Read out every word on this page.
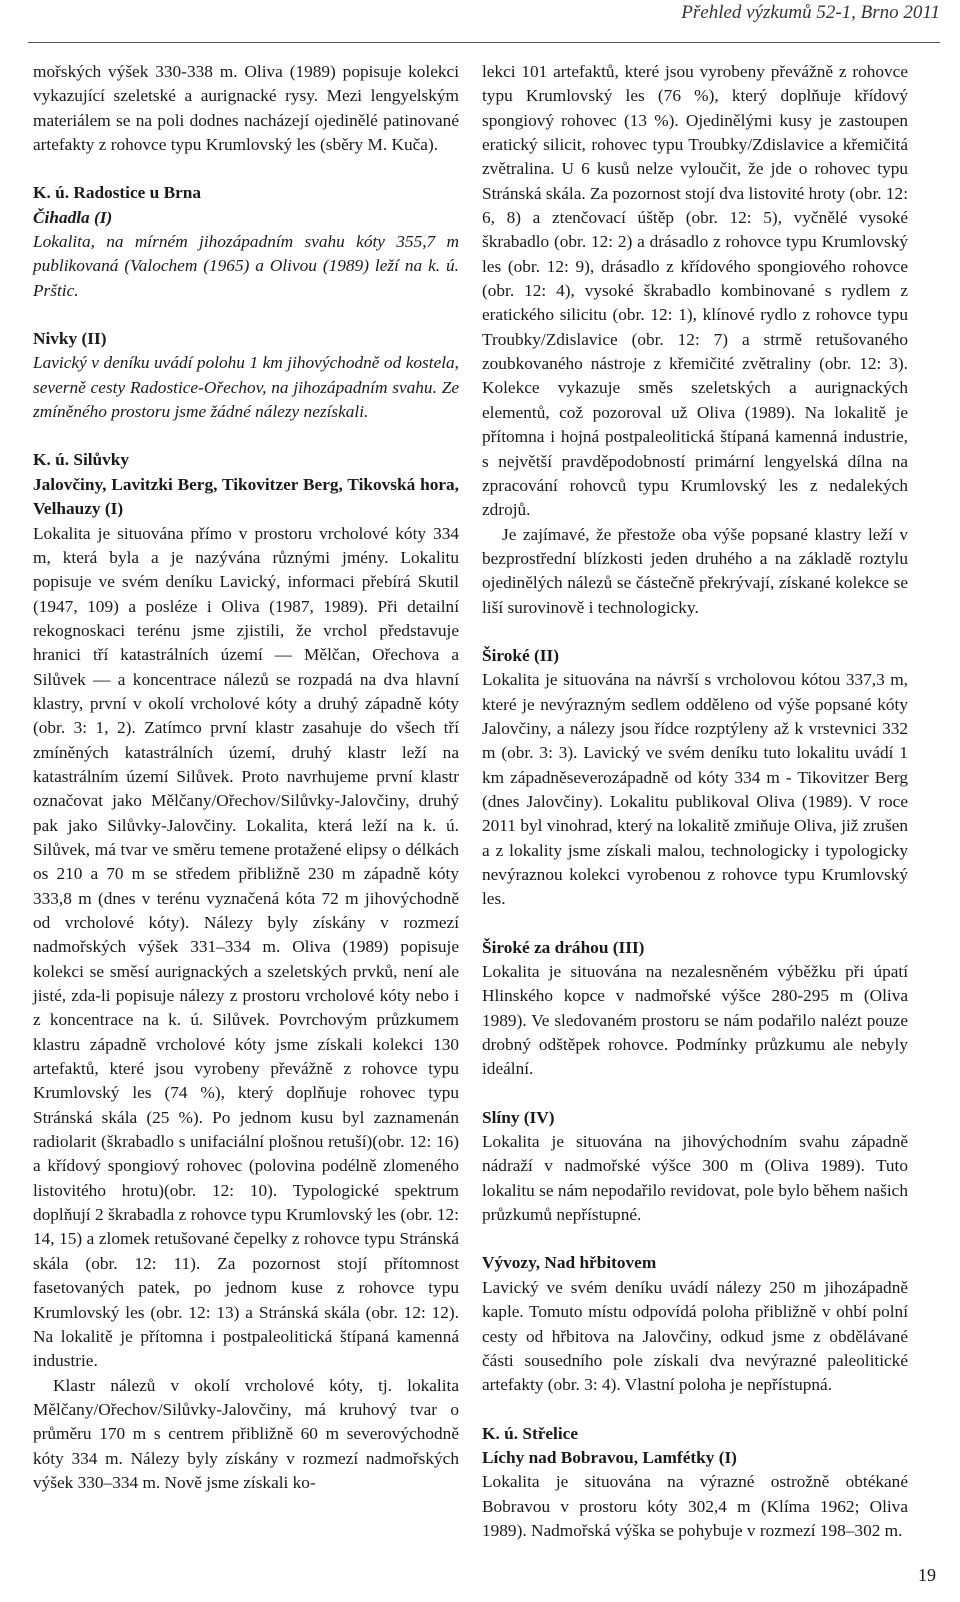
Přehled výzkumů 52-1, Brno 2011

mořských výšek 330-338 m. Oliva (1989) popisuje kolekci vykazující szeletské a aurignacké rysy. Mezi lengyelským materiálem se na poli dodnes nacházejí ojedinělé patinované artefakty z rohovce typu Krumlovský les (sběry M. Kuča).

K. ú. Radostice u Brna

Čihadla (I)

Lokalita, na mírném jihozápadním svahu kóty 355,7 m publikovaná (Valochem (1965) a Olivou (1989) leží na k. ú. Prštic.

Nivky (II)

Lavický v deníku uvádí polohu 1 km jihovýchodně od kostela, severně cesty Radostice-Ořechov, na jihozápadním svahu. Ze zmíněného prostoru jsme žádné nálezy nezískali.

K. ú. Silůvky

Jalovčiny, Lavitzki Berg, Tikovitzer Berg, Tikovská hora, Velhauzy (I)

Lokalita je situována přímo v prostoru vrcholové kóty 334 m, která byla a je nazývána různými jmény. Lokalitu popisuje ve svém deníku Lavický, informaci přebírá Skutil (1947, 109) a posléze i Oliva (1987, 1989). Při detailní rekognoskaci terénu jsme zjistili, že vrchol představuje hranici tří katastrálních území — Mělčan, Ořechova a Silůvek — a koncentrace nálezů se rozpadá na dva hlavní klastry, první v okolí vrcholové kóty a druhý západně kóty (obr. 3: 1, 2). Zatímco první klastr zasahuje do všech tří zmíněných katastrálních území, druhý klastr leží na katastrálním území Silůvek. Proto navrhujeme první klastr označovat jako Mělčany/Ořechov/Silůvky-Jalovčiny, druhý pak jako Silůvky-Jalovčiny. Lokalita, která leží na k. ú. Silůvek, má tvar ve směru temene protažené elipsy o délkách os 210 a 70 m se středem přibližně 230 m západně kóty 333,8 m (dnes v terénu vyznačená kóta 72 m jihovýchodně od vrcholové kóty). Nálezy byly získány v rozmezí nadmořských výšek 331–334 m. Oliva (1989) popisuje kolekci se směsí aurignackých a szeletských prvků, není ale jisté, zda-li popisuje nálezy z prostoru vrcholové kóty nebo i z koncentrace na k. ú. Silůvek. Povrchovým průzkumem klastru západně vrcholové kóty jsme získali kolekci 130 artefaktů, které jsou vyrobeny převážně z rohovce typu Krumlovský les (74 %), který doplňuje rohovec typu Stránská skála (25 %). Po jednom kusu byl zaznamenán radiolarit (škrabadlo s unifaciální plošnou retuší)(obr. 12: 16) a křídový spongiový rohovec (polovina podélně zlomeného listovitého hrotu)(obr. 12: 10). Typologické spektrum doplňují 2 škrabadla z rohovce typu Krumlovský les (obr. 12: 14, 15) a zlomek retušované čepelky z rohovce typu Stránská skála (obr. 12: 11). Za pozornost stojí přítomnost fasetovaných patek, po jednom kuse z rohovce typu Krumlovský les (obr. 12: 13) a Stránská skála (obr. 12: 12). Na lokalitě je přítomna i postpaleolitická štípaná kamenná industrie.

Klastr nálezů v okolí vrcholové kóty, tj. lokalita Mělčany/Ořechov/Silůvky-Jalovčiny, má kruhový tvar o průměru 170 m s centrem přibližně 60 m severovýchodně kóty 334 m. Nálezy byly získány v rozmezí nadmořských výšek 330–334 m. Nově jsme získali ko-

lekci 101 artefaktů, které jsou vyrobeny převážně z rohovce typu Krumlovský les (76 %), který doplňuje křídový spongiový rohovec (13 %). Ojedinělými kusy je zastoupen eratický silicit, rohovec typu Troubky/Zdislavice a křemičitá zvětralina. U 6 kusů nelze vyloučit, že jde o rohovec typu Stránská skála. Za pozornost stojí dva listovité hroty (obr. 12: 6, 8) a ztenčovací úštěp (obr. 12: 5), vyčnělé vysoké škrabadlo (obr. 12: 2) a drásadlo z rohovce typu Krumlovský les (obr. 12: 9), drásadlo z křídového spongiového rohovce (obr. 12: 4), vysoké škrabadlo kombinované s rydlem z eratického silicitu (obr. 12: 1), klínové rydlo z rohovce typu Troubky/Zdislavice (obr. 12: 7) a strmě retušovaného zoubkovaného nástroje z křemičité zvětraliny (obr. 12: 3). Kolekce vykazuje směs szeletských a aurignackých elementů, což pozoroval už Oliva (1989). Na lokalitě je přítomna i hojná postpaleolitická štípaná kamenná industrie, s největší pravděpodobností primární lengyelská dílna na zpracování rohovců typu Krumlovský les z nedalekých zdrojů.

Je zajímavé, že přestože oba výše popsané klastry leží v bezprostřední blízkosti jeden druhého a na základě roztylu ojedinělých nálezů se částečně překrývají, získané kolekce se liší surovinově i technologicky.

Široké (II)

Lokalita je situována na návrší s vrcholovou kótou 337,3 m, které je nevýrazným sedlem odděleno od výše popsané kóty Jalovčiny, a nálezy jsou řídce rozptýleny až k vrstevnici 332 m (obr. 3: 3). Lavický ve svém deníku tuto lokalitu uvádí 1 km západněseverozápadně od kóty 334 m - Tikovitzer Berg (dnes Jalovčiny). Lokalitu publikoval Oliva (1989). V roce 2011 byl vinohrad, který na lokalitě zmiňuje Oliva, již zrušen a z lokality jsme získali malou, technologicky i typologicky nevýraznou kolekci vyrobenou z rohovce typu Krumlovský les.

Široké za dráhou (III)

Lokalita je situována na nezalesněném výběžku při úpatí Hlinského kopce v nadmořské výšce 280-295 m (Oliva 1989). Ve sledovaném prostoru se nám podařilo nalézt pouze drobný odštěpek rohovce. Podmínky průzkumu ale nebyly ideální.

Slíny (IV)

Lokalita je situována na jihovýchodním svahu západně nádraží v nadmořské výšce 300 m (Oliva 1989). Tuto lokalitu se nám nepodařilo revidovat, pole bylo během našich průzkumů nepřístupné.

Vývozy, Nad hřbitovem

Lavický ve svém deníku uvádí nálezy 250 m jihozápadně kaple. Tomuto místu odpovídá poloha přibližně v ohbí polní cesty od hřbitova na Jalovčiny, odkud jsme z obdělávané části sousedního pole získali dva nevýrazné paleolitické artefakty (obr. 3: 4). Vlastní poloha je nepřístupná.

K. ú. Střelice

Líchy nad Bobravou, Lamfétky (I)

Lokalita je situována na výrazné ostrožně obtékané Bobravou v prostoru kóty 302,4 m (Klíma 1962; Oliva 1989). Nadmořská výška se pohybuje v rozmezí 198–302 m.

19
